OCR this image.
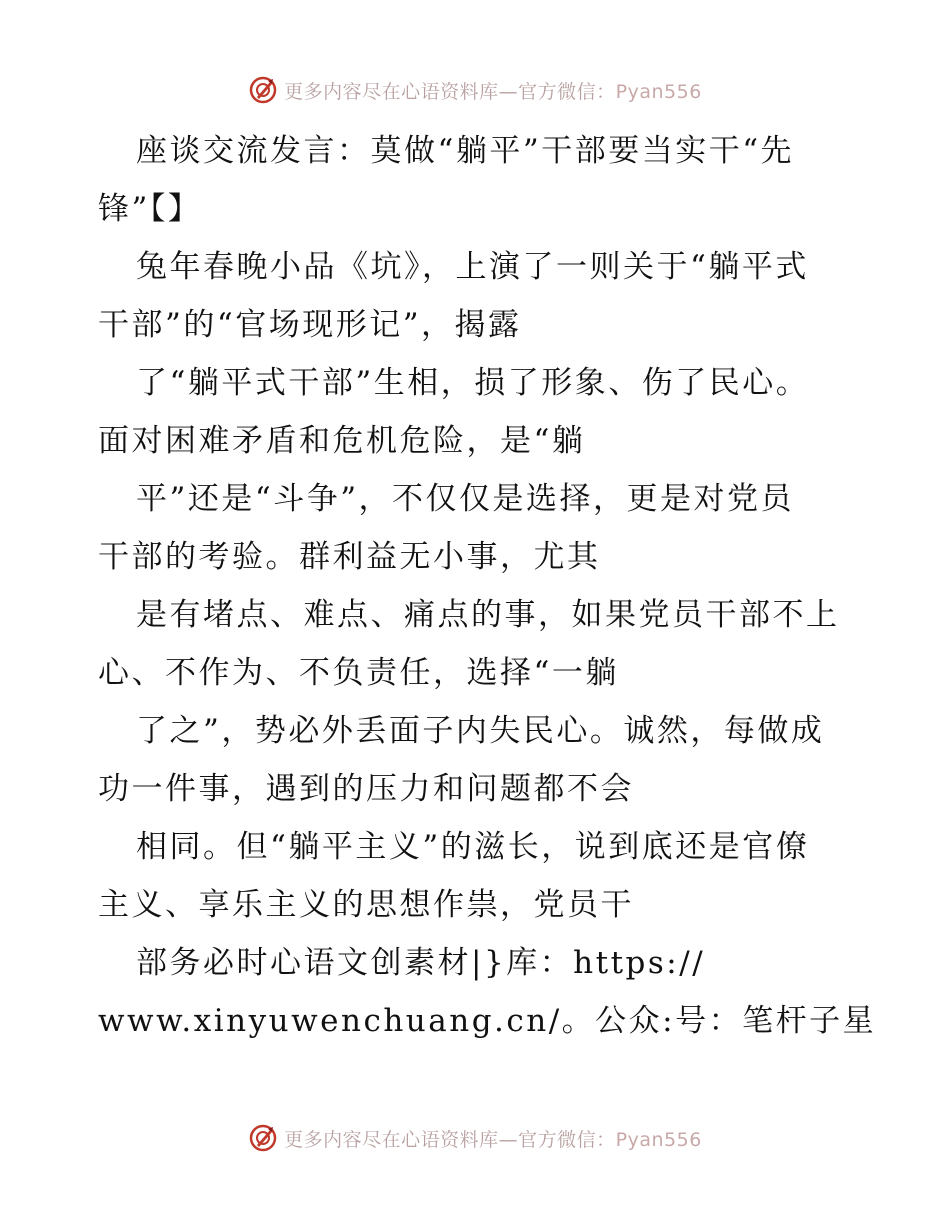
更多内容尽在心语资料库—官方微信：Pyan556
座谈交流发言：莫做“躺平”干部要当实干“先
锋”【】
兔年春晚小品《坑》，上演了一则关于“躺平式
干部”的“官场现形记”，揭露
了“躺平式干部”生相，损了形象、伤了民心。
面对困难矛盾和危机危险，是“躺
平”还是“斗争”，不仅仅是选择，更是对党员
干部的考验。群利益无小事，尤其
是有堵点、难点、痛点的事，如果党员干部不上
心、不作为、不负责任，选择“一躺
了之”，势必外丢面子内失民心。诚然，每做成
功一件事，遇到的压力和问题都不会
相同。但“躺平主义”的滋长，说到底还是官僚
主义、享乐主义的思想作祟，党员干
部务必时心语文创素材|}库：https://
www.xinyuwenchuang.cn/。公众:号：笔杆子星
更多内容尽在心语资料库—官方微信：Pyan556
